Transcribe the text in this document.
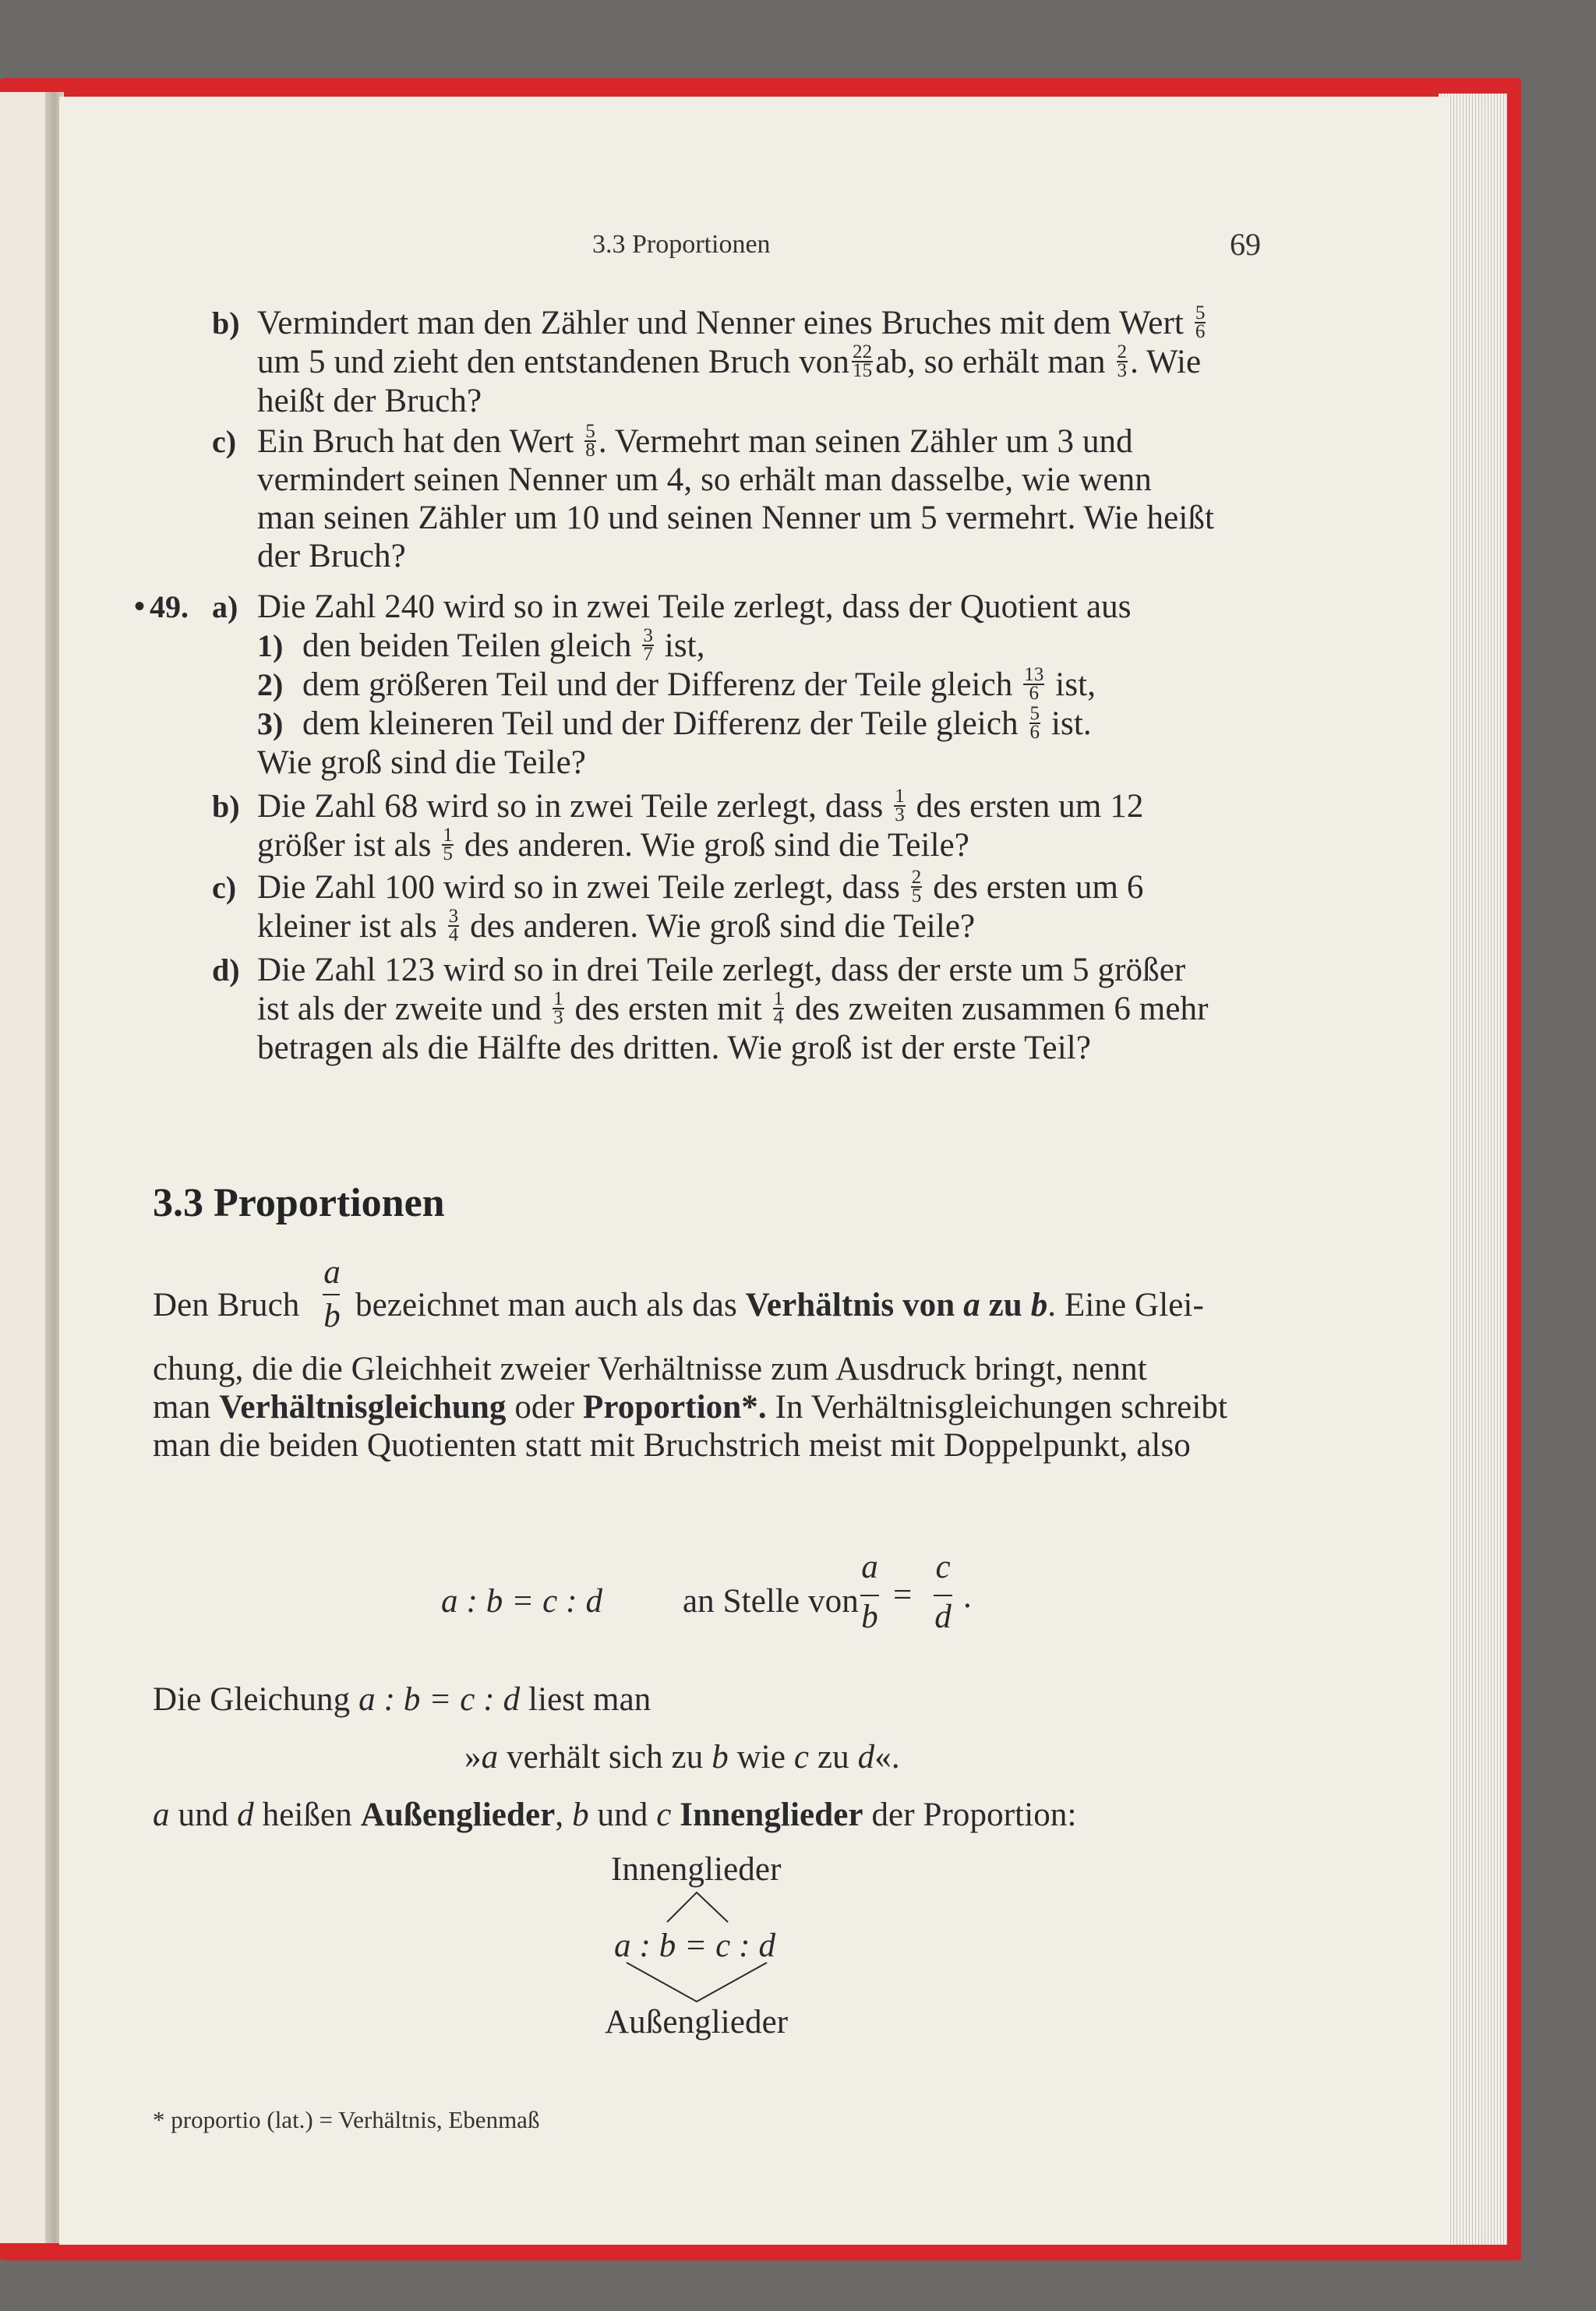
3.3 Proportionen	69
b) Vermindert man den Zähler und Nenner eines Bruches mit dem Wert $\frac{5}{6}$
um 5 und zieht den entstandenen Bruch von $\frac{22}{15}$ ab, so erhält man $\frac{2}{3}$ . Wie
heißt der Bruch?
c) Ein Bruch hat den Wert $\frac{5}{8}$ . Vermehrt man seinen Zähler um 3 und
vermindert seinen Nenner um 4, so erhält man dasselbe, wie wenn
man seinen Zähler um 10 und seinen Nenner um 5 vermehrt. Wie heißt
der Bruch?
• 49. a) Die Zahl 240 wird so in zwei Teile zerlegt, dass der Quotient aus
1) den beiden Teilen gleich $\frac{3}{7}$ ist,
2) dem größeren Teil und der Differenz der Teile gleich $\frac{13}{6}$ ist,
3) dem kleineren Teil und der Differenz der Teile gleich $\frac{5}{6}$ ist.
Wie groß sind die Teile?
b) Die Zahl 68 wird so in zwei Teile zerlegt, dass $\frac{1}{3}$ des ersten um 12
größer ist als $\frac{1}{5}$ des anderen. Wie groß sind die Teile?
c) Die Zahl 100 wird so in zwei Teile zerlegt, dass $\frac{2}{5}$ des ersten um 6
kleiner ist als $\frac{3}{4}$ des anderen. Wie groß sind die Teile?
d) Die Zahl 123 wird so in drei Teile zerlegt, dass der erste um 5 größer
ist als der zweite und $\frac{1}{3}$ des ersten mit $\frac{1}{4}$ des zweiten zusammen 6 mehr
betragen als die Hälfte des dritten. Wie groß ist der erste Teil?
3.3 Proportionen
Den Bruch
a
b bezeichnet man auch als das Verhältnis von a zu b. Eine Glei-
chung, die die Gleichheit zweier Verhältnisse zum Ausdruck bringt, nennt
man Verhältnisgleichung oder Proportion*. In Verhältnisgleichungen schreibt
man die beiden Quotienten statt mit Bruchstrich meist mit Doppelpunkt, also
a : b = c : d an Stelle von
a
b
=
c
d
.
Die Gleichung a : b = c : d liest man
»a verhält sich zu b wie c zu d«.
a und d heißen Außenglieder, b und c Innenglieder der Proportion:
Innenglieder
a : b = c : d
Außenglieder
* proportio (lat.) = Verhältnis, Ebenmaß
